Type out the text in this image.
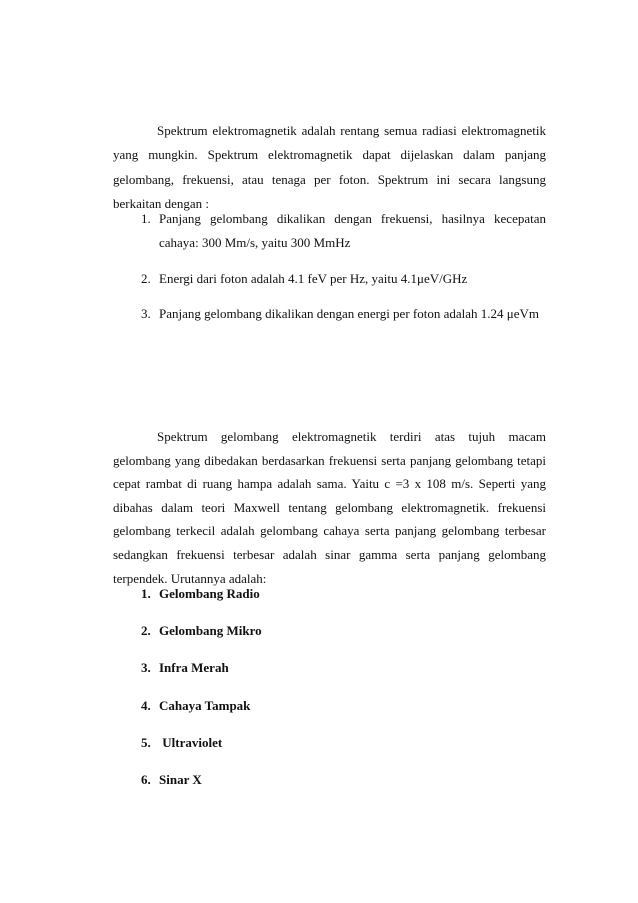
Spektrum elektromagnetik adalah rentang semua radiasi elektromagnetik yang mungkin. Spektrum elektromagnetik dapat dijelaskan dalam panjang gelombang, frekuensi, atau tenaga per foton. Spektrum ini secara langsung berkaitan dengan :

1. Panjang gelombang dikalikan dengan frekuensi, hasilnya kecepatan cahaya: 300 Mm/s, yaitu 300 MmHz
2. Energi dari foton adalah 4.1 feV per Hz, yaitu 4.1μeV/GHz
3. Panjang gelombang dikalikan dengan energi per foton adalah 1.24 μeVm

Spektrum gelombang elektromagnetik terdiri atas tujuh macam gelombang yang dibedakan berdasarkan frekuensi serta panjang gelombang tetapi cepat rambat di ruang hampa adalah sama. Yaitu c =3 x 108 m/s. Seperti yang dibahas dalam teori Maxwell tentang gelombang elektromagnetik. frekuensi gelombang terkecil adalah gelombang cahaya serta panjang gelombang terbesar sedangkan frekuensi terbesar adalah sinar gamma serta panjang gelombang terpendek. Urutannya adalah:

1. Gelombang Radio
2. Gelombang Mikro
3. Infra Merah
4. Cahaya Tampak
5. Ultraviolet
6. Sinar X
